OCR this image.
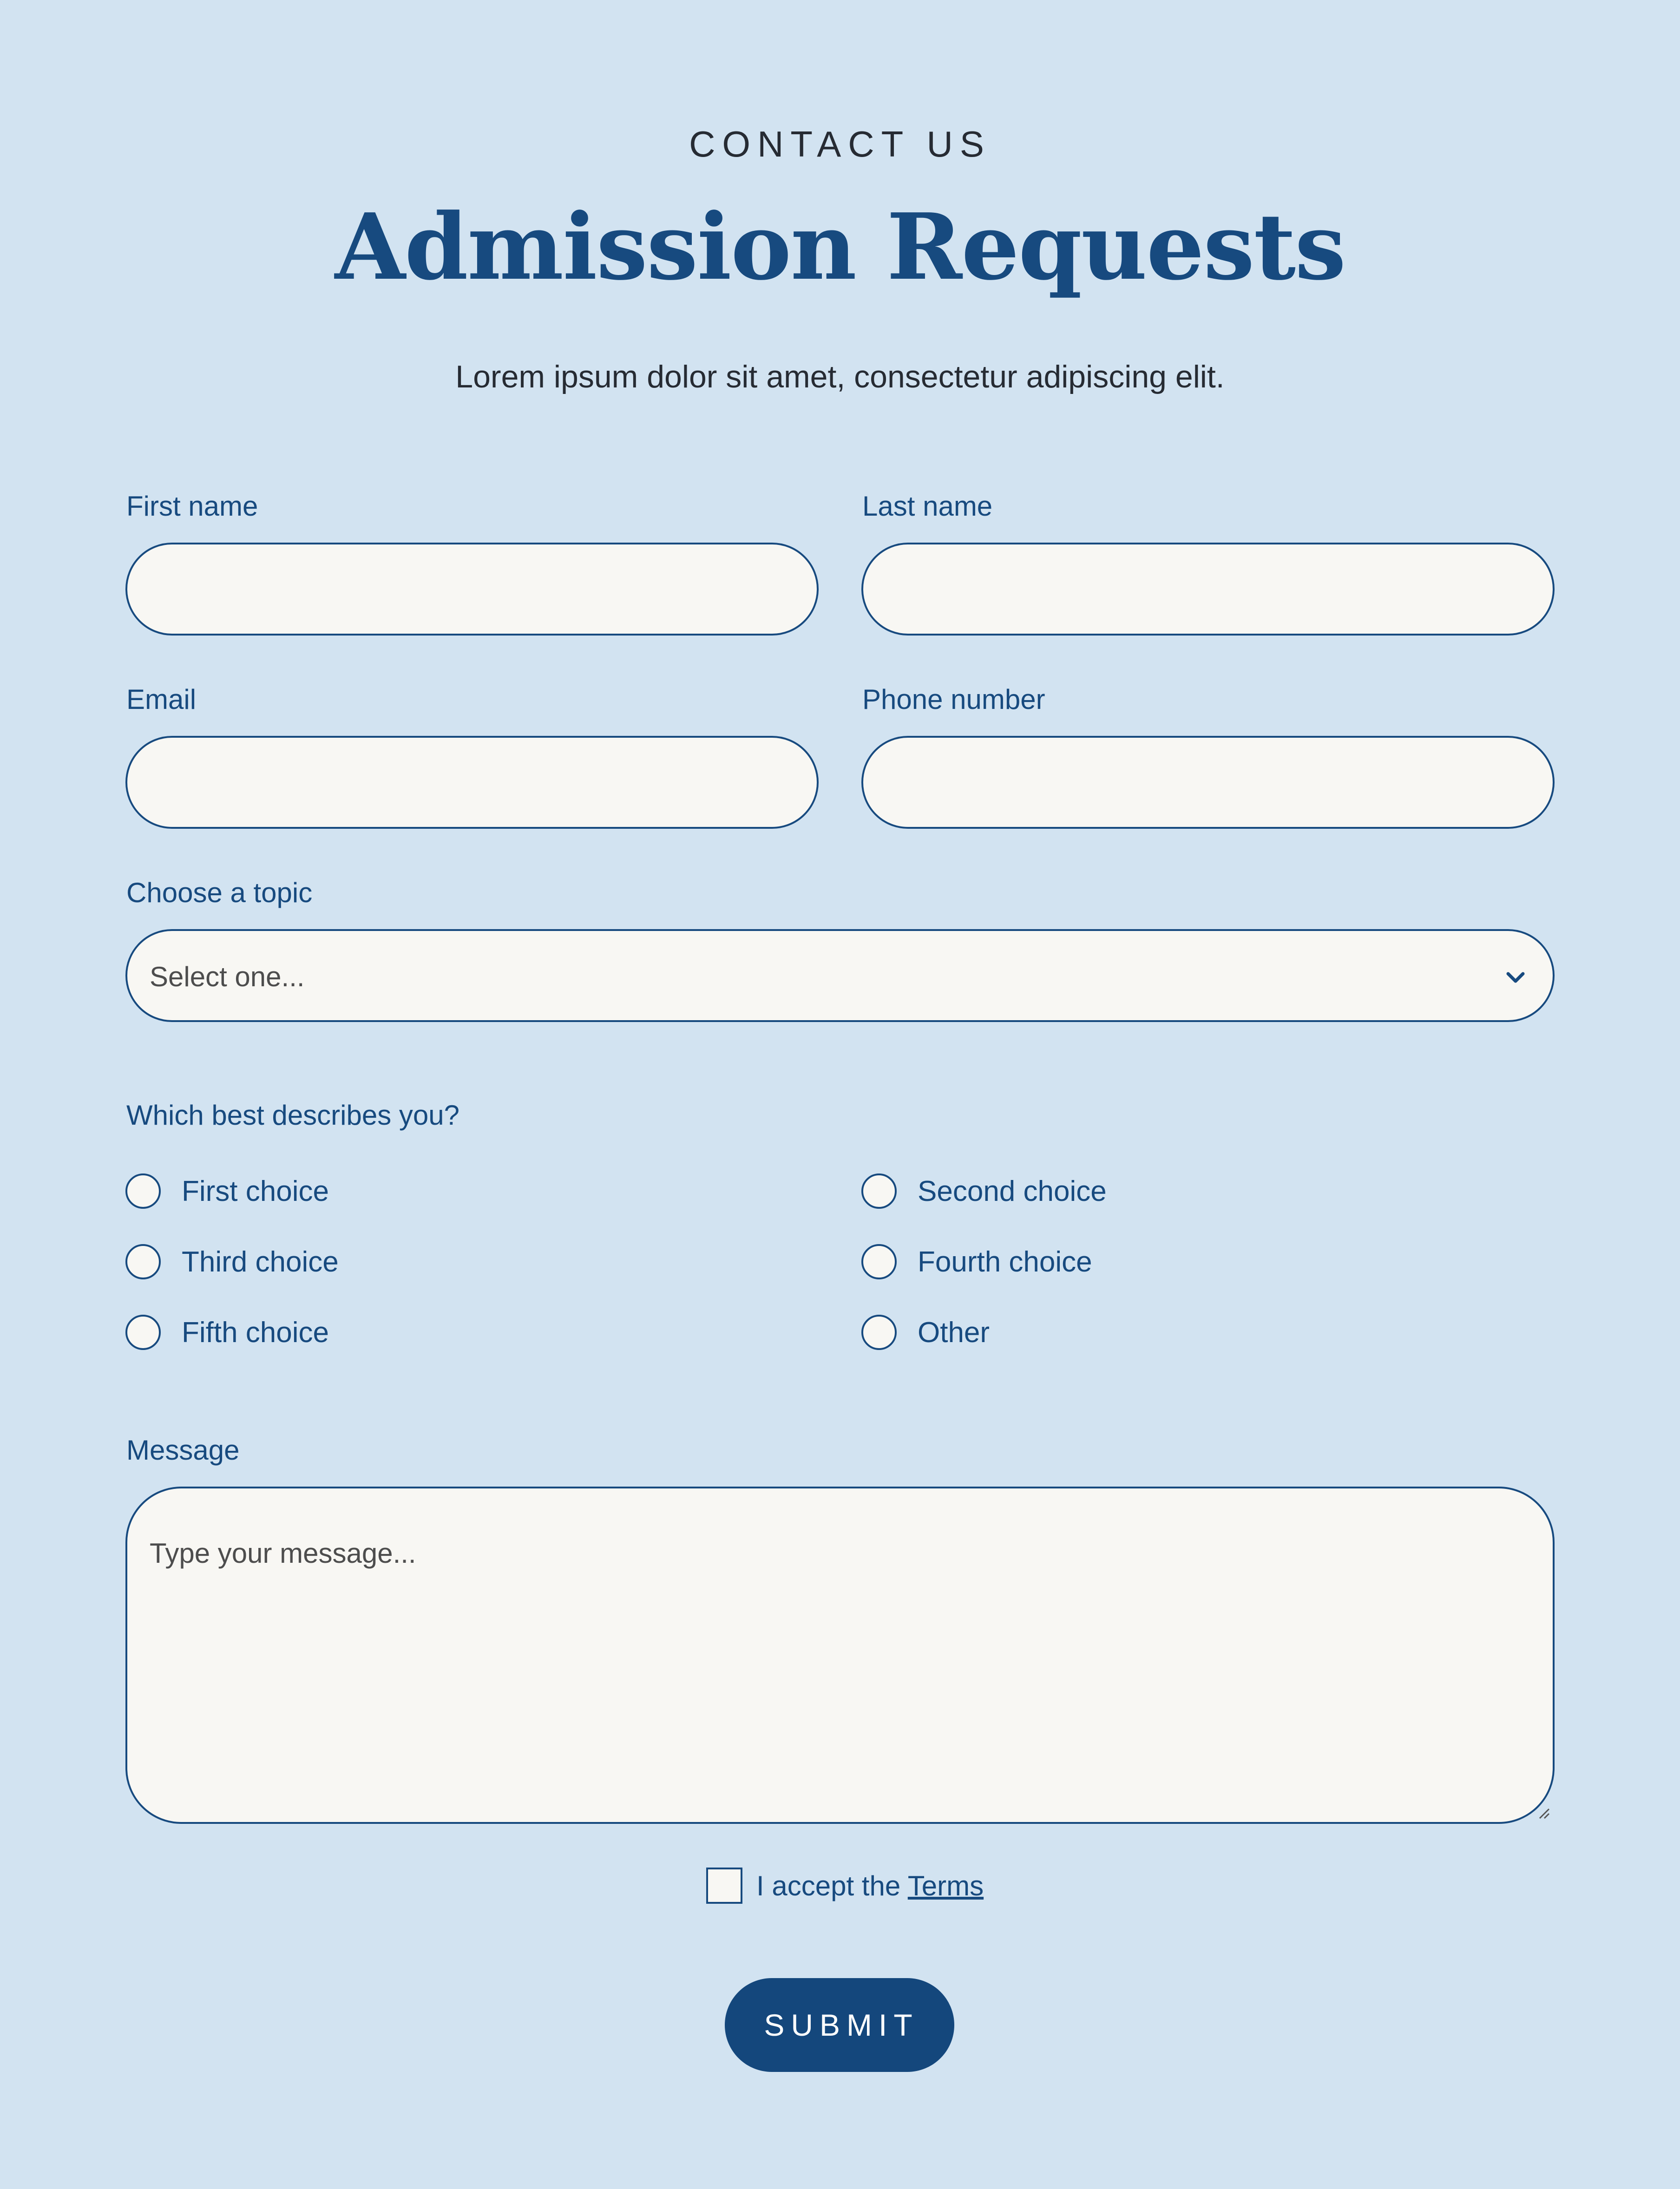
CONTACT US
Admission Requests

Lorem ipsum dolor sit amet, consectetur adipiscing elit.

First name	Last name
Email	Phone number
Choose a topic
Select one...
Which best describes you?
First choice	Second choice
Third choice	Fourth choice
Fifth choice	Other
Message
Type your message...
I accept the Terms
SUBMIT
